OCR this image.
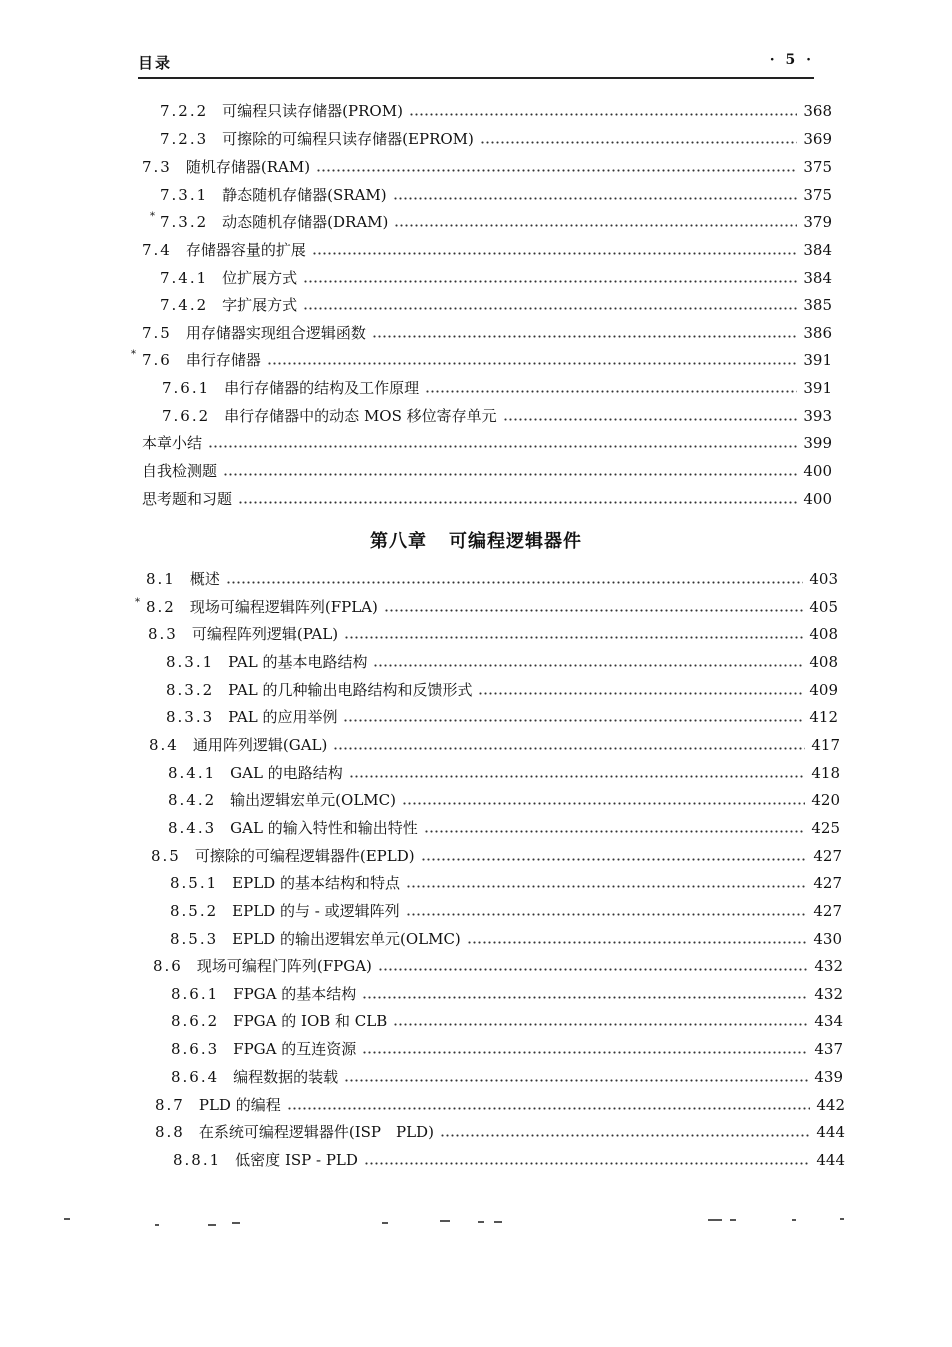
目录	· 5 ·
7.2.2 可编程只读存储器(PROM)	368
7.2.3 可擦除的可编程只读存储器(EPROM)	369
7.3 随机存储器(RAM)	375
7.3.1 静态随机存储器(SRAM)	375
* 7.3.2 动态随机存储器(DRAM)	379
7.4 存储器容量的扩展	384
7.4.1 位扩展方式	384
7.4.2 字扩展方式	385
7.5 用存储器实现组合逻辑函数	386
* 7.6 串行存储器	391
7.6.1 串行存储器的结构及工作原理	391
7.6.2 串行存储器中的动态 MOS 移位寄存单元	393
本章小结	399
自我检测题	400
思考题和习题	400
第八章 可编程逻辑器件
8.1 概述	403
* 8.2 现场可编程逻辑阵列(FPLA)	405
8.3 可编程阵列逻辑(PAL)	408
8.3.1 PAL 的基本电路结构	408
8.3.2 PAL 的几种输出电路结构和反馈形式	409
8.3.3 PAL 的应用举例	412
8.4 通用阵列逻辑(GAL)	417
8.4.1 GAL 的电路结构	418
8.4.2 输出逻辑宏单元(OLMC)	420
8.4.3 GAL 的输入特性和输出特性	425
8.5 可擦除的可编程逻辑器件(EPLD)	427
8.5.1 EPLD 的基本结构和特点	427
8.5.2 EPLD 的与 - 或逻辑阵列	427
8.5.3 EPLD 的输出逻辑宏单元(OLMC)	430
8.6 现场可编程门阵列(FPGA)	432
8.6.1 FPGA 的基本结构	432
8.6.2 FPGA 的 IOB 和 CLB	434
8.6.3 FPGA 的互连资源	437
8.6.4 编程数据的装载	439
8.7 PLD 的编程	442
8.8 在系统可编程逻辑器件(ISP　PLD)	444
8.8.1 低密度 ISP - PLD	444
